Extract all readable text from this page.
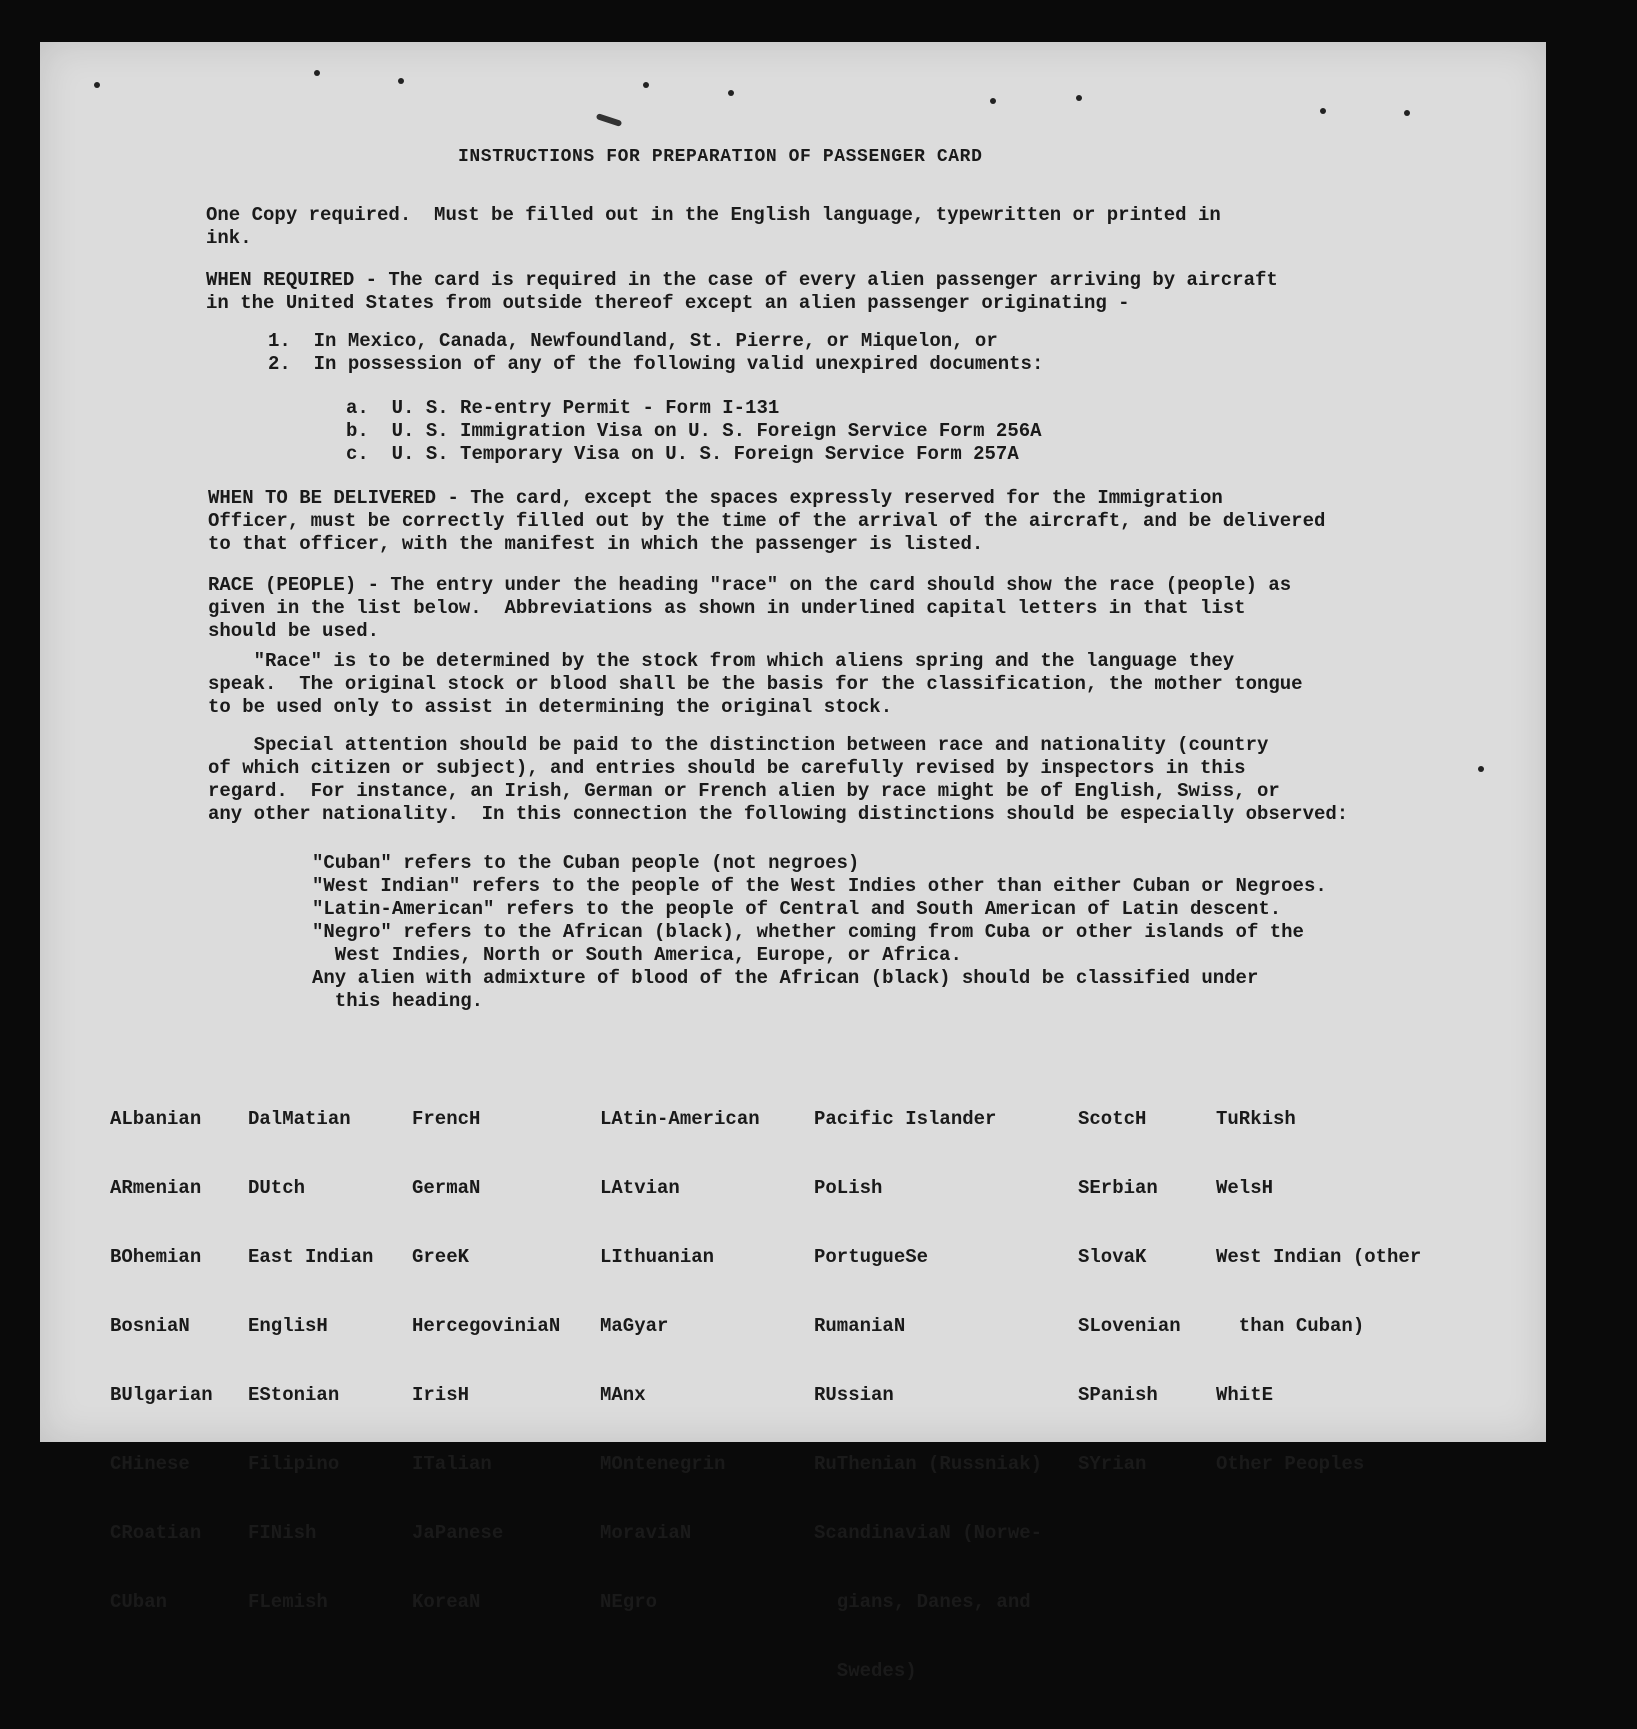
INSTRUCTIONS FOR PREPARATION OF PASSENGER CARD
One Copy required.  Must be filled out in the English language, typewritten or printed in
ink.
WHEN REQUIRED - The card is required in the case of every alien passenger arriving by aircraft
in the United States from outside thereof except an alien passenger originating -
1. In Mexico, Canada, Newfoundland, St. Pierre, or Miquelon, or
2. In possession of any of the following valid unexpired documents:
a. U. S. Re-entry Permit - Form I-131
b. U. S. Immigration Visa on U. S. Foreign Service Form 256A
c. U. S. Temporary Visa on U. S. Foreign Service Form 257A
WHEN TO BE DELIVERED - The card, except the spaces expressly reserved for the Immigration
Officer, must be correctly filled out by the time of the arrival of the aircraft, and be delivered
to that officer, with the manifest in which the passenger is listed.
RACE (PEOPLE) - The entry under the heading "race" on the card should show the race (people) as
given in the list below.  Abbreviations as shown in underlined capital letters in that list
should be used.
"Race" is to be determined by the stock from which aliens spring and the language they
speak.  The original stock or blood shall be the basis for the classification, the mother tongue
to be used only to assist in determining the original stock.
Special attention should be paid to the distinction between race and nationality (country
of which citizen or subject), and entries should be carefully revised by inspectors in this
regard.  For instance, an Irish, German or French alien by race might be of English, Swiss, or
any other nationality.  In this connection the following distinctions should be especially observed:
"Cuban" refers to the Cuban people (not negroes)
"West Indian" refers to the people of the West Indies other than either Cuban or Negroes.
"Latin-American" refers to the people of Central and South American of Latin descent.
"Negro" refers to the African (black), whether coming from Cuba or other islands of the
West Indies, North or South America, Europe, or Africa.
Any alien with admixture of blood of the African (black) should be classified under
this heading.

ALbanian

ARmenian

BOhemian

BosniaN

BUlgarian

CHinese

CRoatian

CUban

DalMatian

DUtch

East Indian

EnglisH

EStonian

Filipino

FINish

FLemish

FrencH

GermaN

GreeK

HercegoviniaN

IrisH

ITalian

JaPanese

KoreaN

LAtin-American

LAtvian

LIthuanian

MaGyar

MAnx

MOntenegrin

MoraviaN

NEgro

Pacific Islander

PoLish

PortugueSe

RumaniaN

RUssian

RuThenian (Russniak)

ScandinaviaN (Norwe-

gians, Danes, and

Swedes)

ScotcH

SErbian

SlovaK

SLovenian

SPanish

SYrian

TuRkish

WelsH

West Indian (other

than Cuban)

WhitE

Other Peoples
